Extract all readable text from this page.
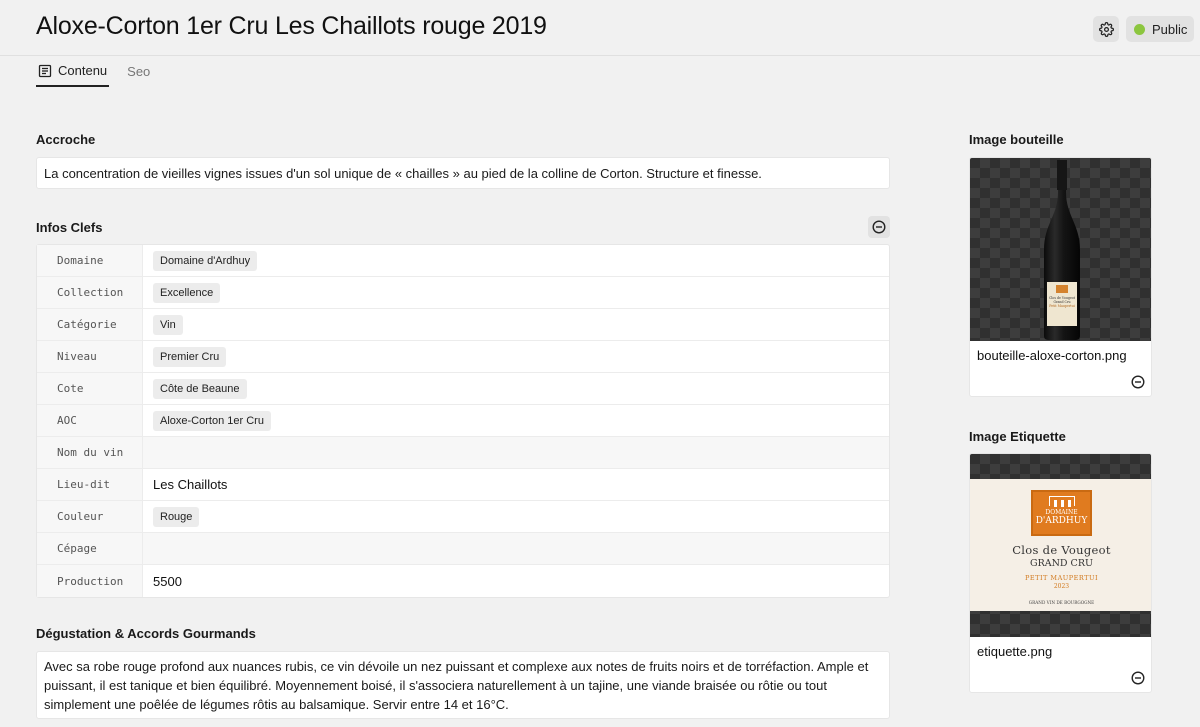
Aloxe-Corton 1er Cru Les Chaillots rouge 2019	Public
Contenu Seo
Accroche
La concentration de vieilles vignes issues d'un sol unique de « chailles » au pied de la colline de Corton. Structure et finesse.
Infos Clefs
Domaine	Domaine d'Ardhuy
Collection	Excellence
Catégorie	Vin
Niveau	Premier Cru
Cote	Côte de Beaune
AOC	Aloxe-Corton 1er Cru
Nom du vin
Lieu-dit	Les Chaillots
Couleur	Rouge
Cépage
Production	5500
Dégustation & Accords Gourmands
Avec sa robe rouge profond aux nuances rubis, ce vin dévoile un nez puissant et complexe aux notes de fruits noirs et de torréfaction. Ample et puissant, il est tanique et bien équilibré. Moyennement boisé, il s'associera naturellement à un tajine, une viande braisée ou rôtie ou tout simplement une poêlée de légumes rôtis au balsamique. Servir entre 14 et 16°C.
Image bouteille
Clos de Vougeot
Grand Cru
Petit Maupertui
bouteille-aloxe-corton.png
Image Etiquette
DOMAINE
D'ARDHUY
Clos de Vougeot
GRAND CRU
PETIT MAUPERTUI
2023
GRAND VIN DE BOURGOGNE
etiquette.png
